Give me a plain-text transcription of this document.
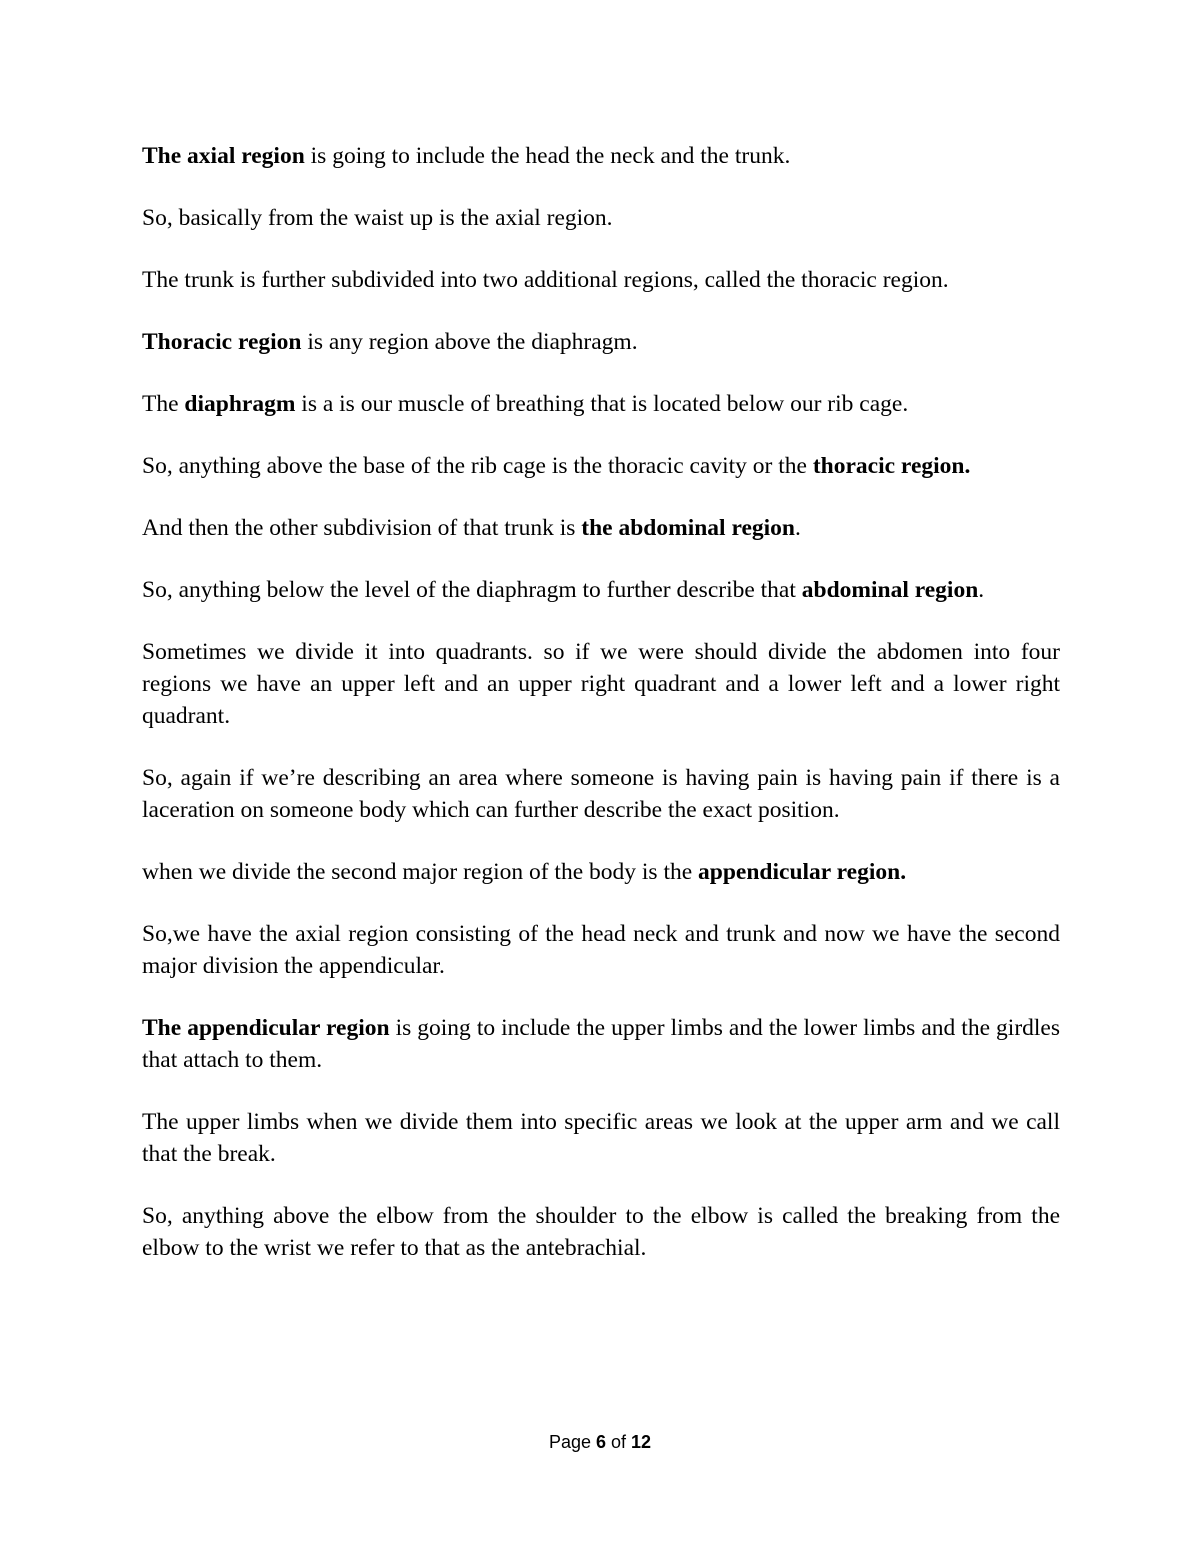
The axial region is going to include the head the neck and the trunk.

So, basically from the waist up is the axial region.

The trunk is further subdivided into two additional regions, called the thoracic region.

Thoracic region is any region above the diaphragm.

The diaphragm is a is our muscle of breathing that is located below our rib cage.

So, anything above the base of the rib cage is the thoracic cavity or the thoracic region.

And then the other subdivision of that trunk is the abdominal region.

So, anything below the level of the diaphragm to further describe that abdominal region.

Sometimes we divide it into quadrants. so if we were should divide the abdomen into four regions we have an upper left and an upper right quadrant and a lower left and a lower right quadrant.

So, again if we’re describing an area where someone is having pain is having pain if there is a laceration on someone body which can further describe the exact position.

when we divide the second major region of the body is the appendicular region.

So,we have the axial region consisting of the head neck and trunk and now we have the second major division the appendicular.

The appendicular region is going to include the upper limbs and the lower limbs and the girdles that attach to them.

The upper limbs when we divide them into specific areas we look at the upper arm and we call that the break.

So, anything above the elbow from the shoulder to the elbow is called the breaking from the elbow to the wrist we refer to that as the antebrachial.

Page 6 of 12
